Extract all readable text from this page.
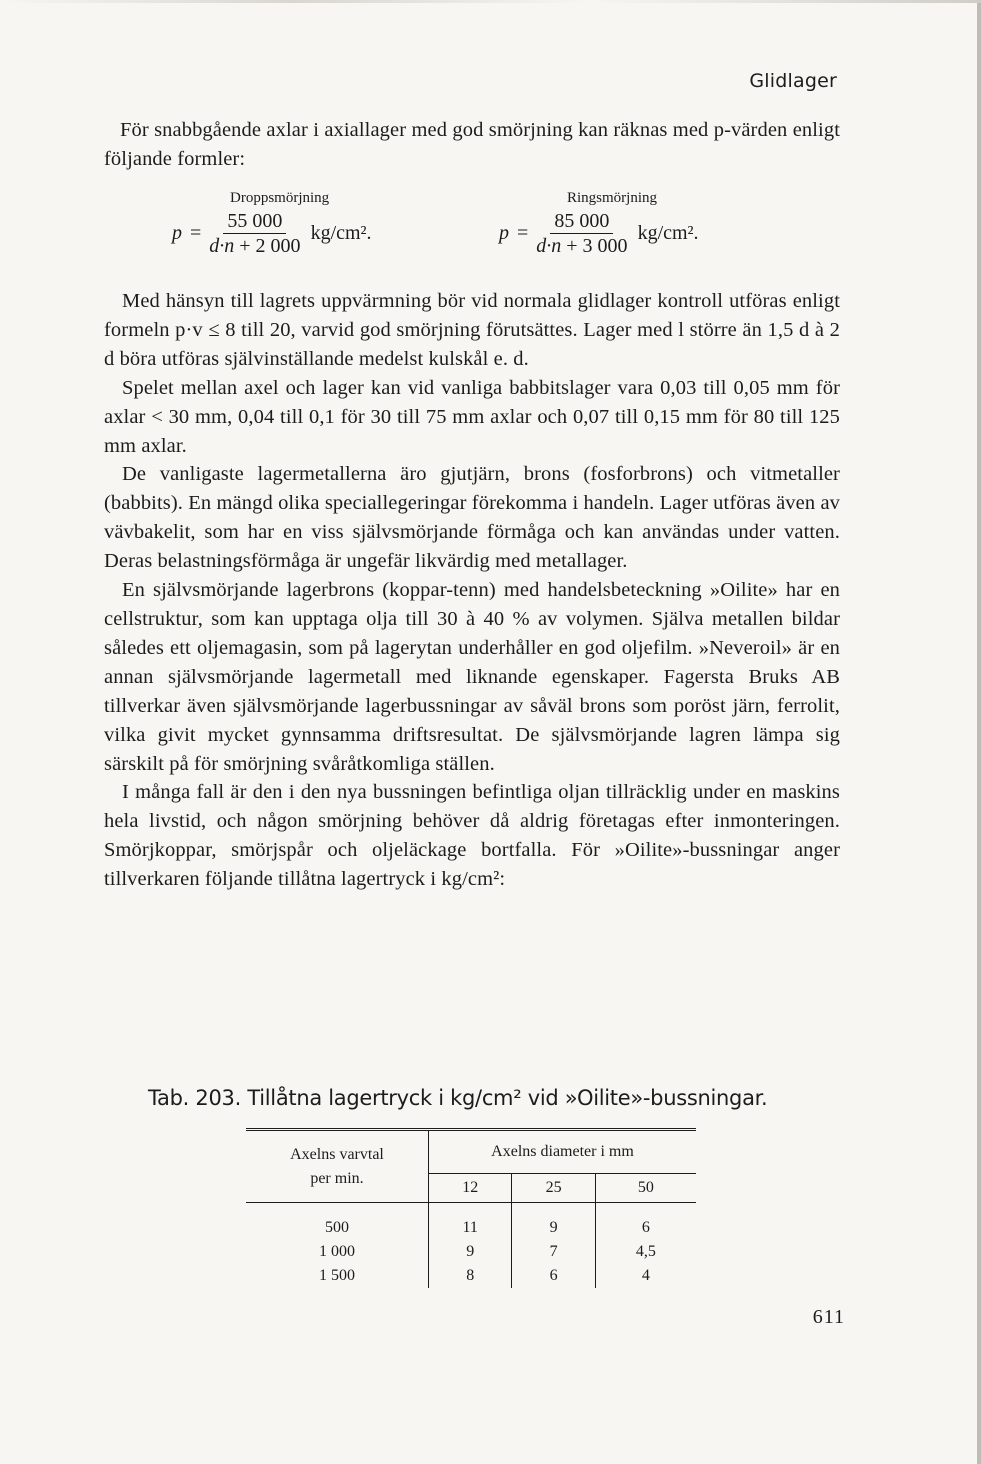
Glidlager

För snabbgående axlar i axiallager med god smörjning kan räknas med p-värden enligt följande formler:

Droppsmörjning	Ringsmörjning
$p = \frac{55 000}{d\cdot n + 2 000} kg/cm^2$.	$p = \frac{85 000}{d\cdot n + 3 000} kg/cm^2$.

Med hänsyn till lagrets uppvärmning bör vid normala glidlager kontroll utföras enligt formeln p·v ≤ 8 till 20, varvid god smörjning förutsättes. Lager med l större än 1,5 d à 2 d böra utföras självinställande medelst kulskål e. d.

Spelet mellan axel och lager kan vid vanliga babbitslager vara 0,03 till 0,05 mm för axlar < 30 mm, 0,04 till 0,1 för 30 till 75 mm axlar och 0,07 till 0,15 mm för 80 till 125 mm axlar.

De vanligaste lagermetallerna äro gjutjärn, brons (fosforbrons) och vitmetaller (babbits). En mängd olika speciallegeringar förekomma i handeln. Lager utföras även av vävbakelit, som har en viss självsmörjande förmåga och kan användas under vatten. Deras belastningsförmåga är ungefär likvärdig med metallager.

En självsmörjande lagerbrons (koppar-tenn) med handelsbeteckning »Oilite» har en cellstruktur, som kan upptaga olja till 30 à 40 % av volymen. Själva metallen bildar således ett oljemagasin, som på lagerytan underhåller en god oljefilm. »Neveroil» är en annan självsmörjande lagermetall med liknande egenskaper. Fagersta Bruks AB tillverkar även självsmörjande lagerbussningar av såväl brons som poröst järn, ferrolit, vilka givit mycket gynnsamma driftsresultat. De självsmörjande lagren lämpa sig särskilt på för smörjning svåråtkomliga ställen.

I många fall är den i den nya bussningen befintliga oljan tillräcklig under en maskins hela livstid, och någon smörjning behöver då aldrig företagas efter inmonteringen. Smörjkoppar, smörjspår och oljeläckage bortfalla. För »Oilite»-bussningar anger tillverkaren följande tillåtna lagertryck i kg/cm²:

Tab. 203. Tillåtna lagertryck i kg/cm² vid »Oilite»-bussningar.
Axelns varvtal
per min.	Axelns diameter i mm		
	12	25	50
500	11	9	6
1 000	9	7	4,5
1 500	8	6	4
611
